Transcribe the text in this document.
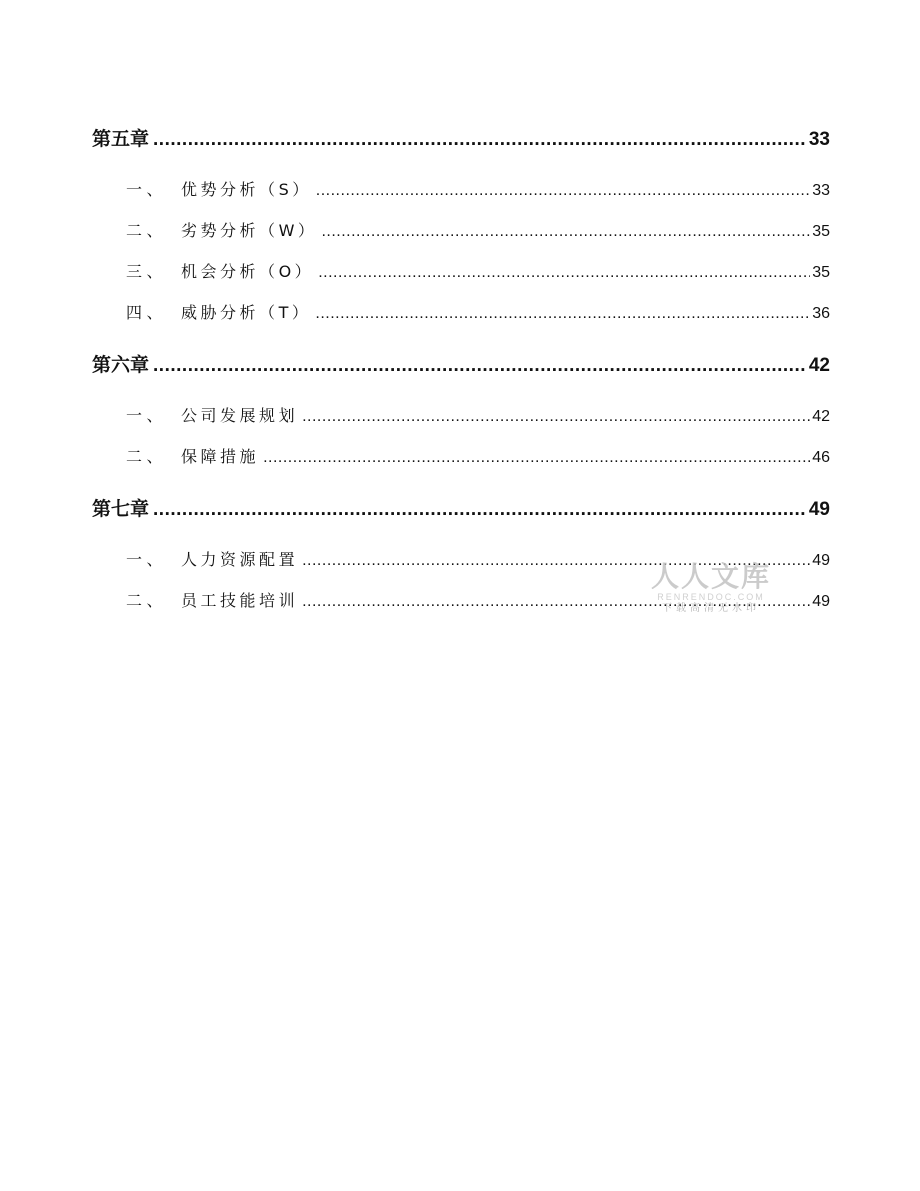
第五章 .....	33
一、 优势分析（S） .....	33
二、 劣势分析（W） .....	35
三、 机会分析（O） .....	35
四、 威胁分析（T） .....	36
第六章 .....	42
一、 公司发展规划 .....	42
二、 保障措施 .....	46
第七章 .....	49
一、 人力资源配置 .....	49
二、 员工技能培训 .....	49
人人文库
RENRENDOC.COM
下载高清无水印
